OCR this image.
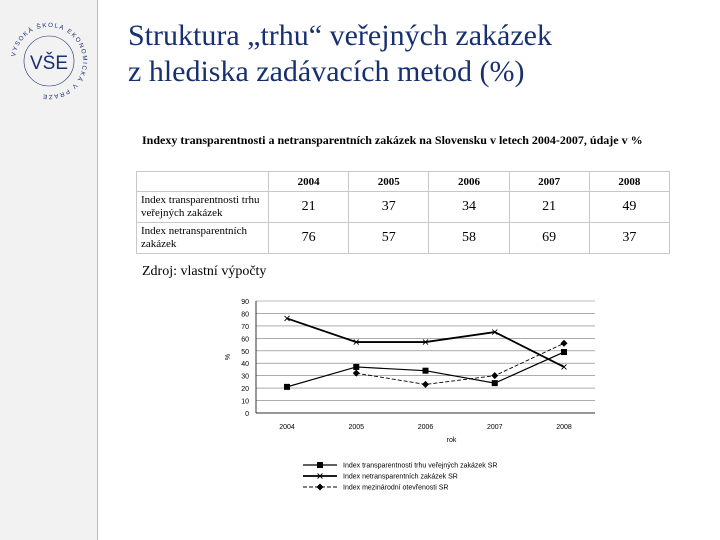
VYSOKÁ ŠKOLA EKONOMICKÁ V PRAZE
VŠE
Struktura „trhu“ veřejných zakázek
z hlediska zadávacích metod (%)
Indexy transparentnosti a netransparentních zakázek na Slovensku v letech 2004-2007, údaje v %
	2004	2005	2006	2007	2008
Index transparentnosti trhu veřejných zakázek	21	37	34	21	49
Index netransparentních zakázek	76	57	58	69	37
Zdroj: vlastní výpočty
0
10
20
30
40
50
60
70
80
90
2004	2005	2006	2007	2008
rok
%
Index transparentnosti trhu veřejných zakázek SR
Index netransparentních zakázek SR
Index mezinárodní otevřenosti SR
